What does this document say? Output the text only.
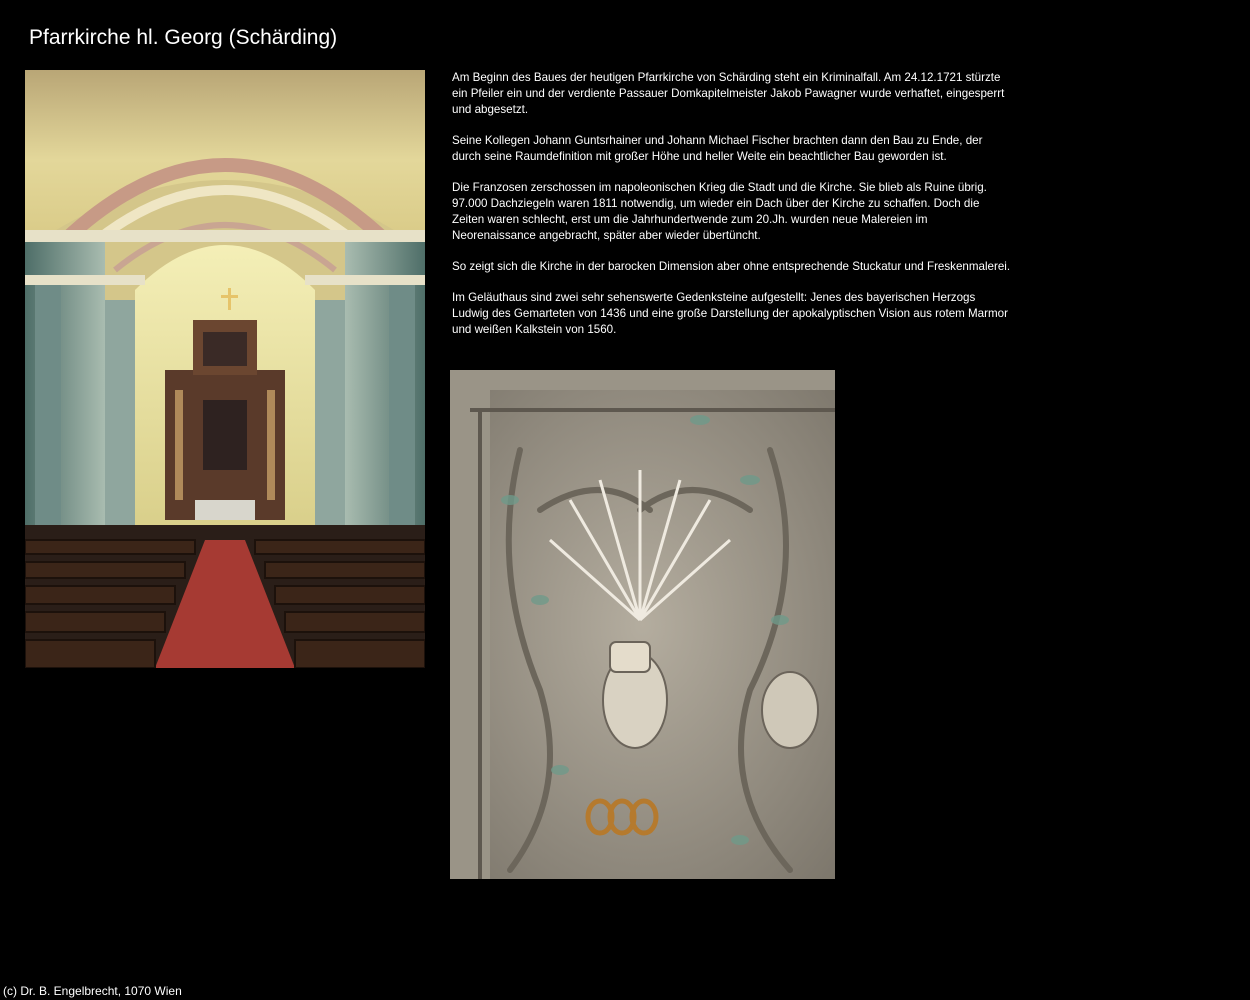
Pfarrkirche hl. Georg (Schärding)

Am Beginn des Baues der heutigen Pfarrkirche von Schärding steht ein Kriminalfall. Am 24.12.1721 stürzte ein Pfeiler ein und der verdiente Passauer Domkapitelmeister Jakob Pawagner wurde verhaftet, eingesperrt und abgesetzt.

Seine Kollegen Johann Guntsrhainer und Johann Michael Fischer brachten dann den Bau zu Ende, der durch seine Raumdefinition mit großer Höhe und heller Weite ein beachtlicher Bau geworden ist.

Die Franzosen zerschossen im napoleonischen Krieg die Stadt und die Kirche. Sie blieb als Ruine übrig. 97.000 Dachziegeln waren 1811 notwendig, um wieder ein Dach über der Kirche zu schaffen. Doch die Zeiten waren schlecht, erst um die Jahrhundertwende zum 20.Jh. wurden neue Malereien im Neorenaissance angebracht, später aber wieder übertüncht.

So zeigt sich die Kirche in der barocken Dimension aber ohne entsprechende Stuckatur und Freskenmalerei.

Im Geläuthaus sind zwei sehr sehenswerte Gedenksteine aufgestellt: Jenes des bayerischen Herzogs Ludwig des Gemarteten von 1436 und eine große Darstellung der apokalyptischen Vision aus rotem Marmor und weißen Kalkstein von 1560.

(c) Dr. B. Engelbrecht, 1070 Wien
